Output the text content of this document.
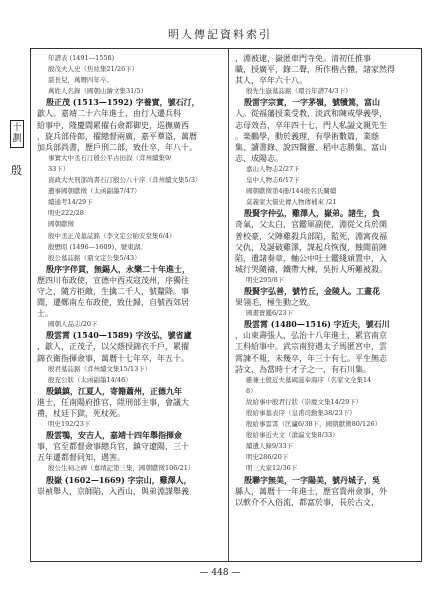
明人傳記資料索引
十劃
殷
年譜表 (1491—1558)
殷茂夫人史（焦竑集21/26下）
湛長兒，萬曆四年卒。
萬姓人名錄（國朝山繪文集31/5）
殷正茂 (1513—1592) 字養實，號石汀，
歙人。嘉靖二十六年進士，由行人遷兵科
給事中，隆慶間累擢右僉都御史，巡撫廣西
，旋兵部侍郎，擢總督兩廣，嘉平羣盜，萬曆
加兵部尚書，歷戶刑二部，致仕卒，年八十。
事實大中丞石汀殷公平古田叙（弇州續集9/
33下）
資政大夫刑部尚書石汀殷公八十序（弇州續文集5/3）
遺事國朝獻徵（太函副墨7/47）
續通考14/29下
明史222/28
國朝獻徵
殷中丞正茂墓誌銘（李文定公貽安堂集6/4）
殷懋昭 (1496—1609)，號東湖。
殷公墓誌銘（鼎文定公集5/43）
殷序字伴貫，無錫人，永樂二十年進士，
歷四川布政使，宣德中西戎寇茂州，序獨往
守之，隨方拒敵，生擒二千人，號釐降。事
聞，遷鄭南左布政使，致仕歸，自號西郊居
士。
國朝人品志/20下
殷雲霄 (1540—1589) 字汝弘，號省廬
，歙人，正茂子，以父蔭授錦衣千戶，累擢
錦衣衛指揮僉事，萬曆十七年卒，年五十。
殷君墓誌銘（弇州續文集15/13下）
殷充公狀（太函副墨14/46）
殷鎮鎮，江夏人，寄籍蕭州，正德九年
進士，任南陽府推官，陞刑部主事，會議大
禮，杖廷下獄，死杖死。
明史192/23下
殷雲鶚，安吉人，嘉靖十四年舉指揮僉
事，官至都督僉事總兵官，鎮守遼陽，三十
五年遷都督同知，遇害。
殷公生祠之碑（嘉靖記第三集，國朝獻徵106/21）
殷嶽 (1602—1669) 字宗山，雞澤人，
崇禎舉人，京師陷，入西山，與弟淵謀舉義
，淵被逮，嶽匿車門寺免。清初任推事
職，授廣平，錄二聲，所作楷古體，諸家然得
其人，卒年六十八。
殷先生嶽墓誌銘（環谷年譜74/3下）
殷雷字宗實，一字茅嶺，號犢篤，富山
人。從福藩授業受教，淡武和陳戒學義學，
志母效吾，卒年四十七，門人私謚文親先生
。楽鵬學，動於義理，有學術數篇，業蔭
集、讀書錄、說四醫靈、稻中志勝集、富山
志、成陽志。
嘉山人物志2/27下
皇中人物志6/17下
國朝獻徵第4冊/144殷名氏關續
莫義家大儒史傳人物傳補來 /21
殷賢字仲弘，雞澤人，嶽弟。諸生，負
奇氣，父太白，官鑑軍副使，淵從父兵於開
普校豪，父陣雞殺兵部陷，監死，淵寓夜福
父仇，及誕破雞澤，謀起兵恢復，蝕聞前陣
陷，遺諸奏章，軸公中吐士鑑綫頑置中，入
城行哭隨禱，鐵帶大棟，吳折人所難被殺。
明史295/8下
殷賢字弘善，號竹丘，金陵人。工畫花
果翎毛，極生動之致。
國畫寶鑑6/23下
殷雲霄 (1480—1516) 字近夫，號石川
，山東壽張人，弘治十八年進士，累官南京
工科給事中。武宗南狩遇太子馬匿宮中，雲
霄諫不報，未幾卒，年三十有七。平生無志
詩文，為當時十才子之一，有石川集。
雖兼士殷近夫墓碣滋奉海序（名家文全集14
8）
故給事中殷君行狀（崇慶文集14/29下）
殷給事墓表序（皇甫司勳集38/23下）
殷給事雲霄（匡廬6/38下，國朝獻徵80/126）
殷給事近夫文（滄瀛文集8/33）
續遺人錄9/33下
明史286/20下
明三大家12/36下
殷聯字無美，一字陽美，號丹城子，吳
縣人，萬曆十一年進士，歷官貴州僉事，外
以軟介不入俗流，都富於事，長於古文，
— 448 —
